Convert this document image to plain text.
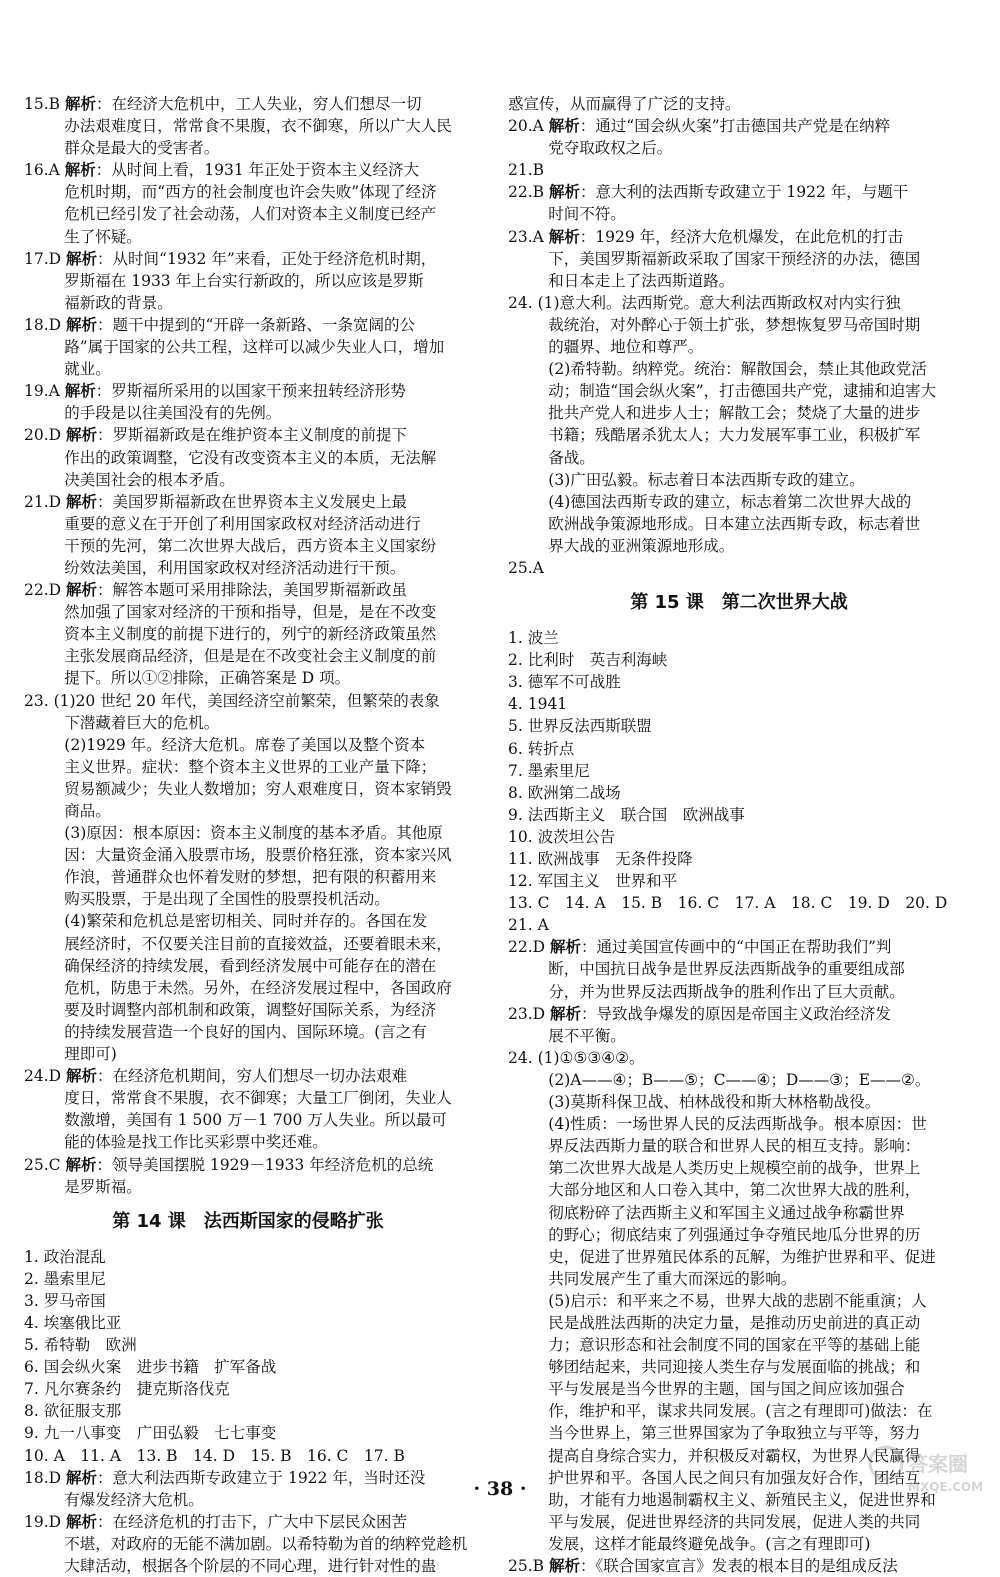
15.B 解析：在经济大危机中，工人失业，穷人们想尽一切

办法艰难度日，常常食不果腹，衣不御寒，所以广大人民

群众是最大的受害者。

16.A 解析：从时间上看，1931 年正处于资本主义经济大

危机时期，而“西方的社会制度也许会失败”体现了经济

危机已经引发了社会动荡，人们对资本主义制度已经产

生了怀疑。

17.D 解析：从时间“1932 年”来看，正处于经济危机时期，

罗斯福在 1933 年上台实行新政的，所以应该是罗斯

福新政的背景。

18.D 解析：题干中提到的“开辟一条新路、一条宽阔的公

路”属于国家的公共工程，这样可以减少失业人口，增加

就业。

19.A 解析：罗斯福所采用的以国家干预来扭转经济形势

的手段是以往美国没有的先例。

20.D 解析：罗斯福新政是在维护资本主义制度的前提下

作出的政策调整，它没有改变资本主义的本质，无法解

决美国社会的根本矛盾。

21.D 解析：美国罗斯福新政在世界资本主义发展史上最

重要的意义在于开创了利用国家政权对经济活动进行

干预的先河，第二次世界大战后，西方资本主义国家纷

纷效法美国，利用国家政权对经济活动进行干预。

22.D 解析：解答本题可采用排除法，美国罗斯福新政虽

然加强了国家对经济的干预和指导，但是，是在不改变

资本主义制度的前提下进行的，列宁的新经济政策虽然

主张发展商品经济，但是是在不改变社会主义制度的前

提下。所以①②排除，正确答案是 D 项。

23. (1)20 世纪 20 年代，美国经济空前繁荣，但繁荣的表象

下潜藏着巨大的危机。

(2)1929 年。经济大危机。席卷了美国以及整个资本

主义世界。症状：整个资本主义世界的工业产量下降；

贸易额减少；失业人数增加；穷人艰难度日，资本家销毁

商品。

(3)原因：根本原因：资本主义制度的基本矛盾。其他原

因：大量资金涌入股票市场，股票价格狂涨，资本家兴风

作浪，普通群众也怀着发财的梦想，把有限的积蓄用来

购买股票，于是出现了全国性的股票投机活动。

(4)繁荣和危机总是密切相关、同时并存的。各国在发

展经济时，不仅要关注目前的直接效益，还要着眼未来，

确保经济的持续发展，看到经济发展中可能存在的潜在

危机，防患于未然。另外，在经济发展过程中，各国政府

要及时调整内部机制和政策，调整好国际关系，为经济

的持续发展营造一个良好的国内、国际环境。(言之有

理即可)

24.D 解析：在经济危机期间，穷人们想尽一切办法艰难

度日，常常食不果腹，衣不御寒；大量工厂倒闭，失业人

数激增，美国有 1 500 万－1 700 万人失业。所以最可

能的体验是找工作比买彩票中奖还难。

25.C 解析：领导美国摆脱 1929－1933 年经济危机的总统

是罗斯福。

第 14 课　法西斯国家的侵略扩张

1. 政治混乱

2. 墨索里尼

3. 罗马帝国

4. 埃塞俄比亚

5. 希特勒　欧洲

6. 国会纵火案　进步书籍　扩军备战

7. 凡尔赛条约　捷克斯洛伐克

8. 欲征服支那

9. 九一八事变　广田弘毅　七七事变

10. A　11. A　13. B　14. D　15. B　16. C　17. B

18.D 解析：意大利法西斯专政建立于 1922 年，当时还没

有爆发经济大危机。

19.D 解析：在经济危机的打击下，广大中下层民众困苦

不堪，对政府的无能不满加剧。以希特勒为首的纳粹党趁机

大肆活动，根据各个阶层的不同心理，进行针对性的蛊

惑宣传，从而赢得了广泛的支持。

20.A 解析：通过“国会纵火案”打击德国共产党是在纳粹

党夺取政权之后。

21.B

22.B 解析：意大利的法西斯专政建立于 1922 年，与题干

时间不符。

23.A 解析：1929 年，经济大危机爆发，在此危机的打击

下，美国罗斯福新政采取了国家干预经济的办法，德国

和日本走上了法西斯道路。

24. (1)意大利。法西斯党。意大利法西斯政权对内实行独

裁统治，对外醉心于领土扩张，梦想恢复罗马帝国时期

的疆界、地位和尊严。

(2)希特勒。纳粹党。统治：解散国会，禁止其他政党活

动；制造“国会纵火案”，打击德国共产党，逮捕和迫害大

批共产党人和进步人士；解散工会；焚烧了大量的进步

书籍；残酷屠杀犹太人；大力发展军事工业，积极扩军

备战。

(3)广田弘毅。标志着日本法西斯专政的建立。

(4)德国法西斯专政的建立，标志着第二次世界大战的

欧洲战争策源地形成。日本建立法西斯专政，标志着世

界大战的亚洲策源地形成。

25.A

第 15 课　第二次世界大战

1. 波兰

2. 比利时　英吉利海峡

3. 德军不可战胜

4. 1941

5. 世界反法西斯联盟

6. 转折点

7. 墨索里尼

8. 欧洲第二战场

9. 法西斯主义　联合国　欧洲战事

10. 波茨坦公告

11. 欧洲战事　无条件投降

12. 军国主义　世界和平

13. C　14. A　15. B　16. C　17. A　18. C　19. D　20. D

21. A

22.D 解析：通过美国宣传画中的“中国正在帮助我们”判

断，中国抗日战争是世界反法西斯战争的重要组成部

分，并为世界反法西斯战争的胜利作出了巨大贡献。

23.D 解析：导致战争爆发的原因是帝国主义政治经济发

展不平衡。

24. (1)①⑤③④②。

(2)A——④；B——⑤；C——④；D——③；E——②。

(3)莫斯科保卫战、柏林战役和斯大林格勒战役。

(4)性质：一场世界人民的反法西斯战争。根本原因：世

界反法西斯力量的联合和世界人民的相互支持。影响：

第二次世界大战是人类历史上规模空前的战争，世界上

大部分地区和人口卷入其中，第二次世界大战的胜利，

彻底粉碎了法西斯主义和军国主义通过战争称霸世界

的野心；彻底结束了列强通过争夺殖民地瓜分世界的历

史，促进了世界殖民体系的瓦解，为维护世界和平、促进

共同发展产生了重大而深远的影响。

(5)启示：和平来之不易，世界大战的悲剧不能重演；人

民是战胜法西斯的决定力量，是推动历史前进的真正动

力；意识形态和社会制度不同的国家在平等的基础上能

够团结起来，共同迎接人类生存与发展面临的挑战；和

平与发展是当今世界的主题，国与国之间应该加强合

作，维护和平，谋求共同发展。(言之有理即可)做法：在

当今世界上，第三世界国家为了争取独立与平等，努力

提高自身综合实力，并积极反对霸权，为世界人民赢得

护世界和平。各国人民之间只有加强友好合作，团结互

助，才能有力地遏制霸权主义、新殖民主义，促进世界和

平与发展，促进世界经济的共同发展，促进人类的共同

发展，这样才能最终避免战争。(言之有理即可)

25.B 解析：《联合国家宣言》发表的根本目的是组成反法

· 38 ·
答案圈
MXQE.COM
